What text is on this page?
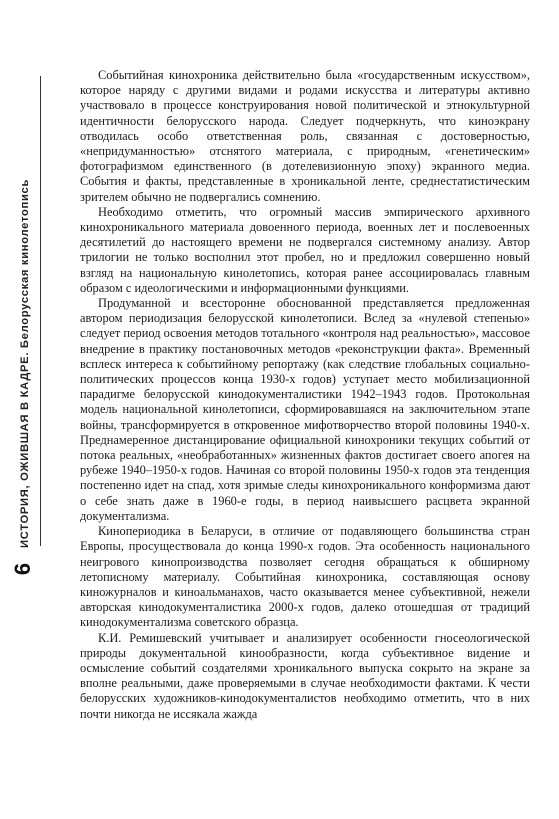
ИСТОРИЯ, ОЖИВШАЯ В КАДРЕ. Белорусская кинолетопись
6

Событийная кинохроника действительно была «государственным искусством», которое наряду с другими видами и родами искусства и литературы активно участвовало в процессе конструирования новой политической и этнокультурной идентичности белорусского народа. Следует подчеркнуть, что киноэкрану отводилась особо ответственная роль, связанная с достоверностью, «непридуманностью» отснятого материала, с природным, «генетическим» фотографизмом единственного (в дотелевизионную эпоху) экранного медиа. События и факты, представленные в хроникальной ленте, среднестатистическим зрителем обычно не подвергались сомнению.

Необходимо отметить, что огромный массив эмпирического архивного кинохроникального материала довоенного периода, военных лет и послевоенных десятилетий до настоящего времени не подвергался системному анализу. Автор трилогии не только восполнил этот пробел, но и предложил совершенно новый взгляд на национальную кинолетопись, которая ранее ассоциировалась главным образом с идеологическими и информационными функциями.

Продуманной и всесторонне обоснованной представляется предложенная автором периодизация белорусской кинолетописи. Вслед за «нулевой степенью» следует период освоения методов тотального «контроля над реальностью», массовое внедрение в практику постановочных методов «реконструкции факта». Временный всплеск интереса к событийному репортажу (как следствие глобальных социально-политических процессов конца 1930-х годов) уступает место мобилизационной парадигме белорусской кинодокументалистики 1942–1943 годов. Протокольная модель национальной кинолетописи, сформировавшаяся на заключительном этапе войны, трансформируется в откровенное мифотворчество второй половины 1940-х. Преднамеренное дистанцирование официальной кинохроники текущих событий от потока реальных, «необработанных» жизненных фактов достигает своего апогея на рубеже 1940–1950-х годов. Начиная со второй половины 1950-х годов эта тенденция постепенно идет на спад, хотя зримые следы кинохроникального конформизма дают о себе знать даже в 1960-е годы, в период наивысшего расцвета экранной документализма.

Кинопериодика в Беларуси, в отличие от подавляющего большинства стран Европы, просуществовала до конца 1990-х годов. Эта особенность национального неигрового кинопроизводства позволяет сегодня обращаться к обширному летописному материалу. Событийная кинохроника, составляющая основу киножурналов и киноальманахов, часто оказывается менее субъективной, нежели авторская кинодокументалистика 2000-х годов, далеко отошедшая от традиций кинодокументализма советского образца.

К.И. Ремишевский учитывает и анализирует особенности гносеологической природы документальной кинообразности, когда субъективное видение и осмысление событий создателями хроникального выпуска сокрыто на экране за вполне реальными, даже проверяемыми в случае необходимости фактами. К чести белорусских художников-кинодокументалистов необходимо отметить, что в них почти никогда не иссякала жажда
